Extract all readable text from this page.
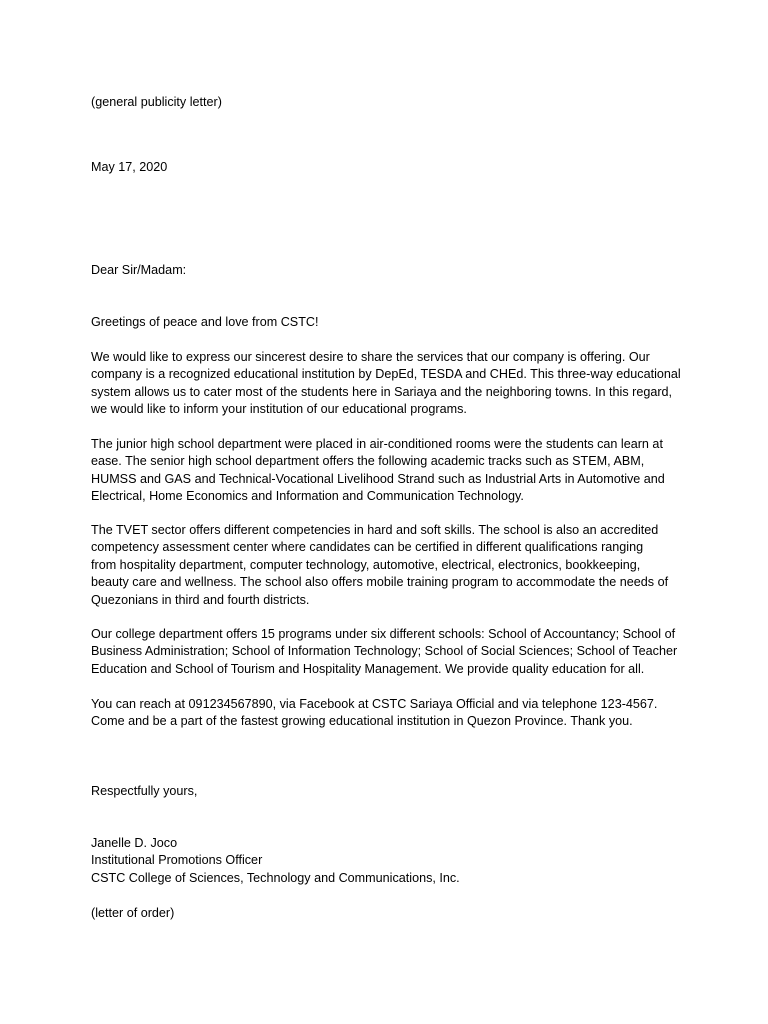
(general publicity letter)

May 17, 2020

Dear Sir/Madam:

Greetings of peace and love from CSTC!

We would like to express our sincerest desire to share the services that our company is offering. Our
company is a recognized educational institution by DepEd, TESDA and CHEd. This three-way educational
system allows us to cater most of the students here in Sariaya and the neighboring towns. In this regard,
we would like to inform your institution of our educational programs.
The junior high school department were placed in air-conditioned rooms were the students can learn at
ease. The senior high school department offers the following academic tracks such as STEM, ABM,
HUMSS and GAS and Technical-Vocational Livelihood Strand such as Industrial Arts in Automotive and
Electrical, Home Economics and Information and Communication Technology.
The TVET sector offers different competencies in hard and soft skills. The school is also an accredited
competency assessment center where candidates can be certified in different qualifications ranging
from hospitality department, computer technology, automotive, electrical, electronics, bookkeeping,
beauty care and wellness. The school also offers mobile training program to accommodate the needs of
Quezonians in third and fourth districts.
Our college department offers 15 programs under six different schools: School of Accountancy; School of
Business Administration; School of Information Technology; School of Social Sciences; School of Teacher
Education and School of Tourism and Hospitality Management. We provide quality education for all.
You can reach at 091234567890, via Facebook at CSTC Sariaya Official and via telephone 123-4567.
Come and be a part of the fastest growing educational institution in Quezon Province. Thank you.

Respectfully yours,

Janelle D. Joco

Institutional Promotions Officer

CSTC College of Sciences, Technology and Communications, Inc.

(letter of order)
